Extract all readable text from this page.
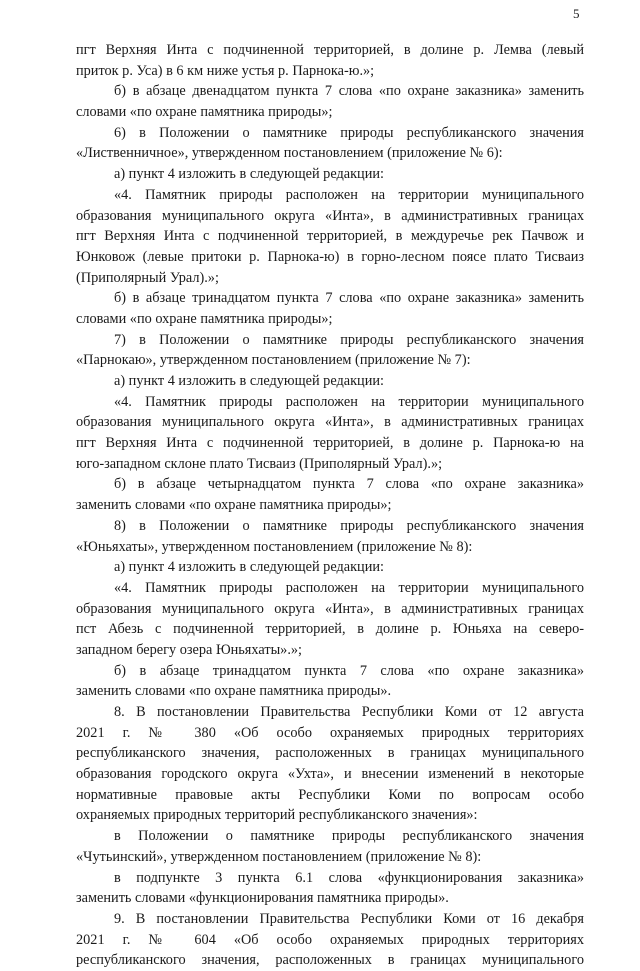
5
пгт Верхняя Инта с подчиненной территорией, в долине р. Лемва (левый
приток р. Уса) в 6 км ниже устья р. Парнока-ю.»;
б) в абзаце двенадцатом пункта 7 слова «по охране заказника» заменить
словами «по охране памятника природы»;
6) в Положении о памятнике природы республиканского значения
«Лиственничное», утвержденном постановлением (приложение № 6):
а) пункт 4 изложить в следующей редакции:
«4. Памятник природы расположен на территории муниципального
образования муниципального округа «Инта», в административных границах
пгт Верхняя Инта с подчиненной территорией, в междуречье рек Пачвож и
Юнковож (левые притоки р. Парнока-ю) в горно-лесном поясе плато Тисваиз
(Приполярный Урал).»;
б) в абзаце тринадцатом пункта 7 слова «по охране заказника» заменить
словами «по охране памятника природы»;
7) в Положении о памятнике природы республиканского значения
«Парнокаю», утвержденном постановлением (приложение № 7):
а) пункт 4 изложить в следующей редакции:
«4. Памятник природы расположен на территории муниципального
образования муниципального округа «Инта», в административных границах
пгт Верхняя Инта с подчиненной территорией, в долине р. Парнока-ю на
юго-западном склоне плато Тисваиз (Приполярный Урал).»;
б) в абзаце четырнадцатом пункта 7 слова «по охране заказника»
заменить словами «по охране памятника природы»;
8) в Положении о памятнике природы республиканского значения
«Юньяхаты», утвержденном постановлением (приложение № 8):
а) пункт 4 изложить в следующей редакции:
«4. Памятник природы расположен на территории муниципального
образования муниципального округа «Инта», в административных границах
пст Абезь с подчиненной территорией, в долине р. Юньяха на северо-
западном берегу озера Юньяхаты».»;
б) в абзаце тринадцатом пункта 7 слова «по охране заказника»
заменить словами «по охране памятника природы».
8. В постановлении Правительства Республики Коми от 12 августа
2021 г. № 380 «Об особо охраняемых природных территориях
республиканского значения, расположенных в границах муниципального
образования городского округа «Ухта», и внесении изменений в некоторые
нормативные правовые акты Республики Коми по вопросам особо
охраняемых природных территорий республиканского значения»:
в Положении о памятнике природы республиканского значения
«Чутьинский», утвержденном постановлением (приложение № 8):
в подпункте 3 пункта 6.1 слова «функционирования заказника»
заменить словами «функционирования памятника природы».
9. В постановлении Правительства Республики Коми от 16 декабря
2021 г. № 604 «Об особо охраняемых природных территориях
республиканского значения, расположенных в границах муниципального
